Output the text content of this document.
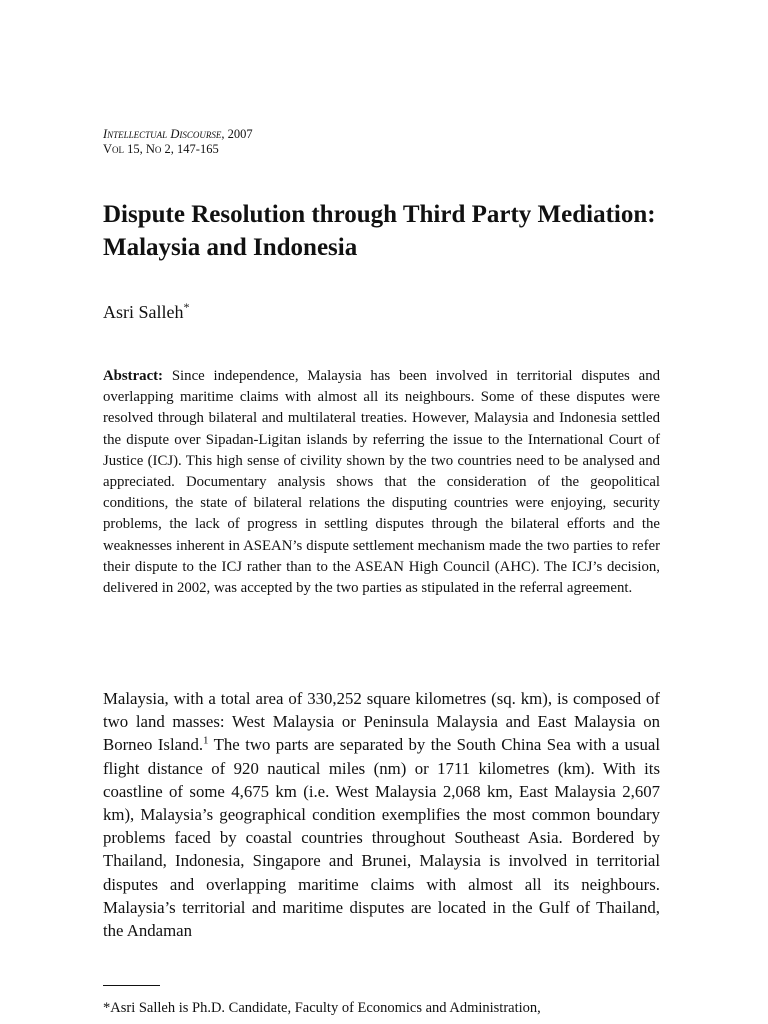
Intellectual Discourse, 2007
Vol 15, No 2, 147-165
Dispute Resolution through Third Party Mediation: Malaysia and Indonesia
Asri Salleh*

Abstract: Since independence, Malaysia has been involved in territorial disputes and overlapping maritime claims with almost all its neighbours. Some of these disputes were resolved through bilateral and multilateral treaties. However, Malaysia and Indonesia settled the dispute over Sipadan-Ligitan islands by referring the issue to the International Court of Justice (ICJ). This high sense of civility shown by the two countries need to be analysed and appreciated. Documentary analysis shows that the consideration of the geopolitical conditions, the state of bilateral relations the disputing countries were enjoying, security problems, the lack of progress in settling disputes through the bilateral efforts and the weaknesses inherent in ASEAN’s dispute settlement mechanism made the two parties to refer their dispute to the ICJ rather than to the ASEAN High Council (AHC). The ICJ’s decision, delivered in 2002, was accepted by the two parties as stipulated in the referral agreement.

Malaysia, with a total area of 330,252 square kilometres (sq. km), is composed of two land masses: West Malaysia or Peninsula Malaysia and East Malaysia on Borneo Island.$^1$ The two parts are separated by the South China Sea with a usual flight distance of 920 nautical miles (nm) or 1711 kilometres (km). With its coastline of some 4,675 km (i.e. West Malaysia 2,068 km, East Malaysia 2,607 km), Malaysia’s geographical condition exemplifies the most common boundary problems faced by coastal countries throughout Southeast Asia. Bordered by Thailand, Indonesia, Singapore and Brunei, Malaysia is involved in territorial disputes and overlapping maritime claims with almost all its neighbours. Malaysia’s territorial and maritime disputes are located in the Gulf of Thailand, the Andaman

*Asri Salleh is Ph.D. Candidate, Faculty of Economics and Administration,
